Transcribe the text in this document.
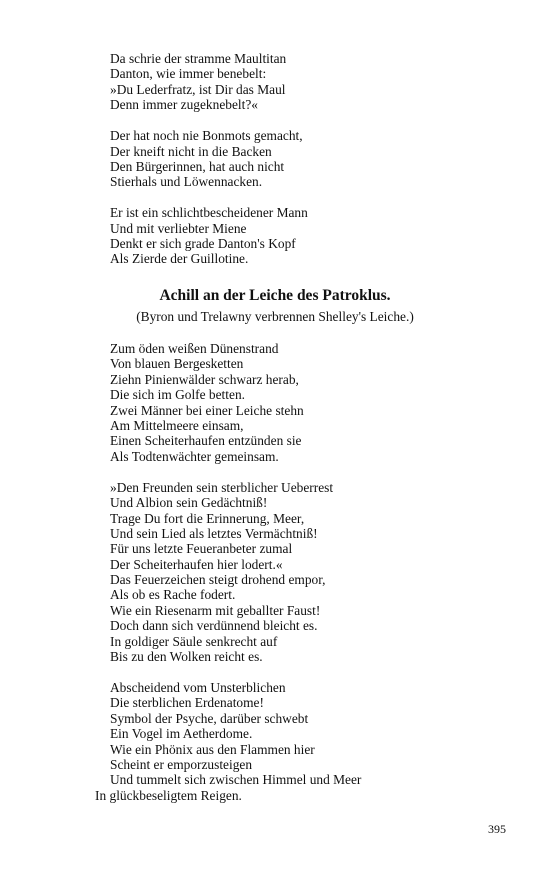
Da schrie der stramme Maultitan
Danton, wie immer benebelt:
»Du Lederfratz, ist Dir das Maul
Denn immer zugeknebelt?«
Der hat noch nie Bonmots gemacht,
Der kneift nicht in die Backen
Den Bürgerinnen, hat auch nicht
Stierhals und Löwennacken.
Er ist ein schlichtbescheidener Mann
Und mit verliebter Miene
Denkt er sich grade Danton's Kopf
Als Zierde der Guillotine.
Achill an der Leiche des Patroklus.
(Byron und Trelawny verbrennen Shelley's Leiche.)
Zum öden weißen Dünenstrand
Von blauen Bergesketten
Ziehn Pinienwälder schwarz herab,
Die sich im Golfe betten.
Zwei Männer bei einer Leiche stehn
Am Mittelmeere einsam,
Einen Scheiterhaufen entzünden sie
Als Todtenwächter gemeinsam.
»Den Freunden sein sterblicher Ueberrest
Und Albion sein Gedächtniß!
Trage Du fort die Erinnerung, Meer,
Und sein Lied als letztes Vermächtniß!
Für uns letzte Feueranbeter zumal
Der Scheiterhaufen hier lodert.«
Das Feuerzeichen steigt drohend empor,
Als ob es Rache fodert.
Wie ein Riesenarm mit geballter Faust!
Doch dann sich verdünnend bleicht es.
In goldiger Säule senkrecht auf
Bis zu den Wolken reicht es.
Abscheidend vom Unsterblichen
Die sterblichen Erdenatome!
Symbol der Psyche, darüber schwebt
Ein Vogel im Aetherdome.
Wie ein Phönix aus den Flammen hier
Scheint er emporzusteigen
Und tummelt sich zwischen Himmel und Meer
In glückbeseligtem Reigen.
395
